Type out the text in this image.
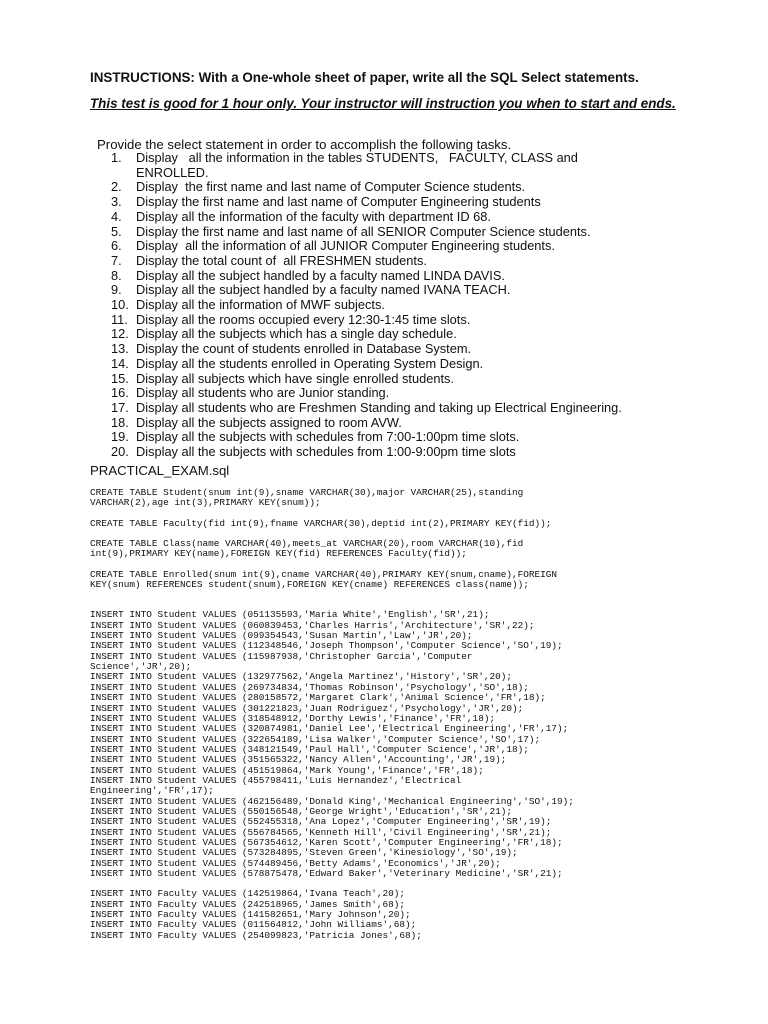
INSTRUCTIONS: With a One-whole sheet of paper, write all the SQL Select statements.
This test is good for 1 hour only. Your instructor will instruction you when to start and ends.
Provide the select statement in order to accomplish the following tasks.
1.	Display   all the information in the tables STUDENTS,   FACULTY, CLASS and ENROLLED.
2.	Display  the first name and last name of Computer Science students.
3.	Display the first name and last name of Computer Engineering students
4.	Display all the information of the faculty with department ID 68.
5.	Display the first name and last name of all SENIOR Computer Science students.
6.	Display  all the information of all JUNIOR Computer Engineering students.
7.	Display the total count of  all FRESHMEN students.
8.	Display all the subject handled by a faculty named LINDA DAVIS.
9.	Display all the subject handled by a faculty named IVANA TEACH.
10. Display all the information of MWF subjects.
11. Display all the rooms occupied every 12:30-1:45 time slots.
12. Display all the subjects which has a single day schedule.
13. Display the count of students enrolled in Database System.
14. Display all the students enrolled in Operating System Design.
15. Display all subjects which have single enrolled students.
16. Display all students who are Junior standing.
17. Display all students who are Freshmen Standing and taking up Electrical Engineering.
18. Display all the subjects assigned to room AVW.
19. Display all the subjects with schedules from 7:00-1:00pm time slots.
20. Display all the subjects with schedules from 1:00-9:00pm time slots
PRACTICAL_EXAM.sql
CREATE TABLE Student(snum int(9),sname VARCHAR(30),major VARCHAR(25),standing
VARCHAR(2),age int(3),PRIMARY KEY(snum));
CREATE TABLE Faculty(fid int(9),fname VARCHAR(30),deptid int(2),PRIMARY KEY(fid));
CREATE TABLE Class(name VARCHAR(40),meets_at VARCHAR(20),room VARCHAR(10),fid
int(9),PRIMARY KEY(name),FOREIGN KEY(fid) REFERENCES Faculty(fid));
CREATE TABLE Enrolled(snum int(9),cname VARCHAR(40),PRIMARY KEY(snum,cname),FOREIGN
KEY(snum) REFERENCES student(snum),FOREIGN KEY(cname) REFERENCES class(name));
INSERT INTO Student VALUES (051135593,'Maria White','English','SR',21);
INSERT INTO Student VALUES (060839453,'Charles Harris','Architecture','SR',22);
INSERT INTO Student VALUES (099354543,'Susan Martin','Law','JR',20);
INSERT INTO Student VALUES (112348546,'Joseph Thompson','Computer Science','SO',19);
INSERT INTO Student VALUES (115987938,'Christopher Garcia','Computer
Science','JR',20);
INSERT INTO Student VALUES (132977562,'Angela Martinez','History','SR',20);
INSERT INTO Student VALUES (269734834,'Thomas Robinson','Psychology','SO',18);
INSERT INTO Student VALUES (280158572,'Margaret Clark','Animal Science','FR',18);
INSERT INTO Student VALUES (301221823,'Juan Rodriguez','Psychology','JR',20);
INSERT INTO Student VALUES (318548912,'Dorthy Lewis','Finance','FR',18);
INSERT INTO Student VALUES (320874981,'Daniel Lee','Electrical Engineering','FR',17);
INSERT INTO Student VALUES (322654189,'Lisa Walker','Computer Science','SO',17);
INSERT INTO Student VALUES (348121549,'Paul Hall','Computer Science','JR',18);
INSERT INTO Student VALUES (351565322,'Nancy Allen','Accounting','JR',19);
INSERT INTO Student VALUES (451519864,'Mark Young','Finance','FR',18);
INSERT INTO Student VALUES (455798411,'Luis Hernandez','Electrical
Engineering','FR',17);
INSERT INTO Student VALUES (462156489,'Donald King','Mechanical Engineering','SO',19);
INSERT INTO Student VALUES (550156548,'George Wright','Education','SR',21);
INSERT INTO Student VALUES (552455318,'Ana Lopez','Computer Engineering','SR',19);
INSERT INTO Student VALUES (556784565,'Kenneth Hill','Civil Engineering','SR',21);
INSERT INTO Student VALUES (567354612,'Karen Scott','Computer Engineering','FR',18);
INSERT INTO Student VALUES (573284895,'Steven Green','Kinesiology','SO',19);
INSERT INTO Student VALUES (574489456,'Betty Adams','Economics','JR',20);
INSERT INTO Student VALUES (578875478,'Edward Baker','Veterinary Medicine','SR',21);
INSERT INTO Faculty VALUES (142519864,'Ivana Teach',20);
INSERT INTO Faculty VALUES (242518965,'James Smith',68);
INSERT INTO Faculty VALUES (141582651,'Mary Johnson',20);
INSERT INTO Faculty VALUES (011564812,'John Williams',68);
INSERT INTO Faculty VALUES (254099823,'Patricia Jones',68);
